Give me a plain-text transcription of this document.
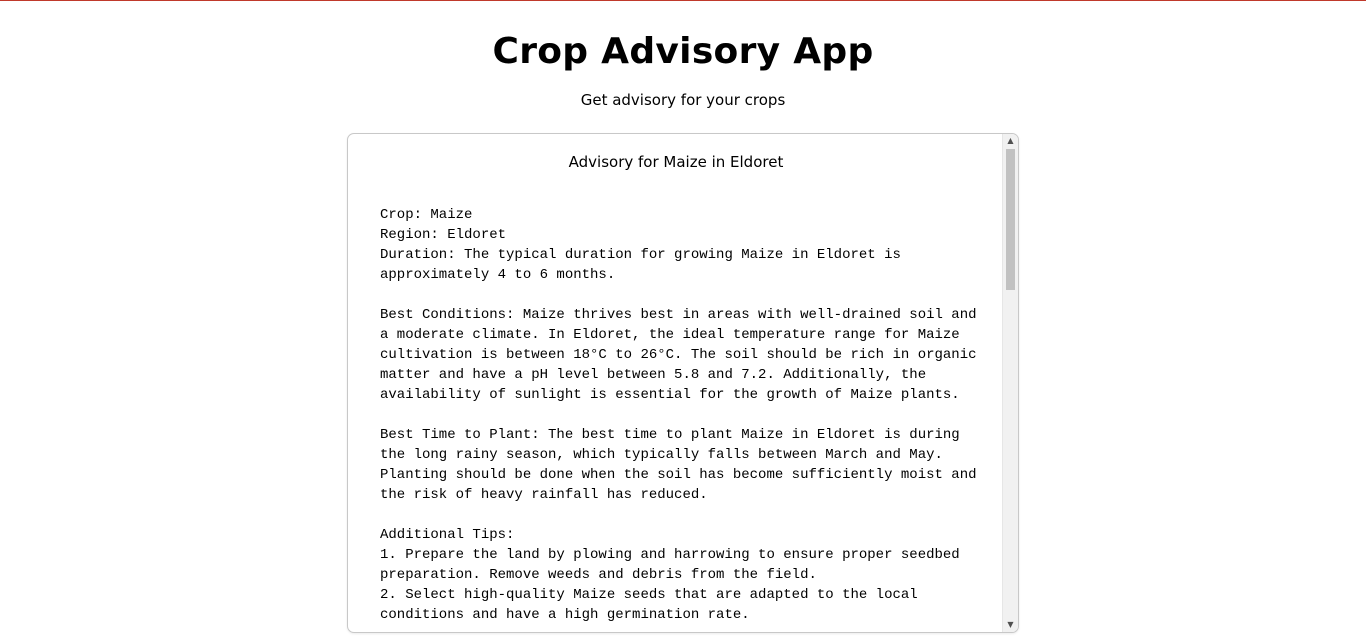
Crop Advisory App

Get advisory for your crops

Advisory for Maize in Eldoret
Crop: Maize
Region: Eldoret
Duration: The typical duration for growing Maize in Eldoret is approximately 4 to 6 months.

Best Conditions: Maize thrives best in areas with well-drained soil and a moderate climate. In Eldoret, the ideal temperature range for Maize cultivation is between 18°C to 26°C. The soil should be rich in organic matter and have a pH level between 5.8 and 7.2. Additionally, the availability of sunlight is essential for the growth of Maize plants.

Best Time to Plant: The best time to plant Maize in Eldoret is during the long rainy season, which typically falls between March and May. Planting should be done when the soil has become sufficiently moist and the risk of heavy rainfall has reduced.

Additional Tips:
1. Prepare the land by plowing and harrowing to ensure proper seedbed preparation. Remove weeds and debris from the field.
2. Select high-quality Maize seeds that are adapted to the local conditions and have a high germination rate.
▲
▼
